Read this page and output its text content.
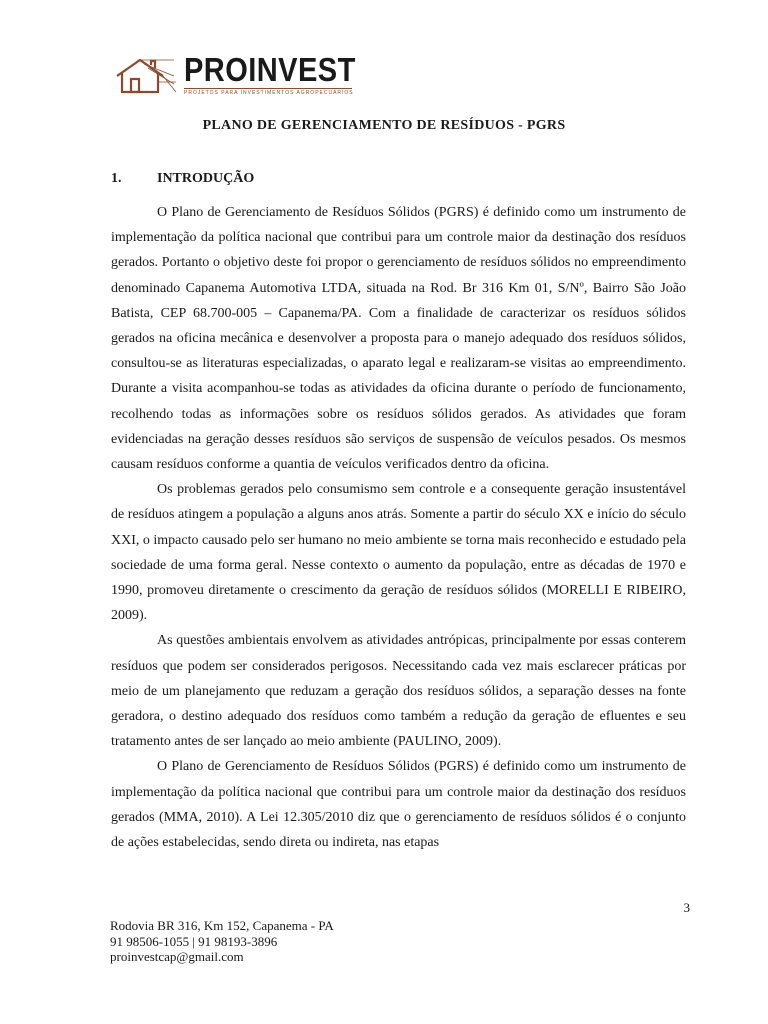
PROINVEST
PROJETOS PARA INVESTIMENTOS AGROPECUÁRIOS
PLANO DE GERENCIAMENTO DE RESÍDUOS - PGRS
1.	INTRODUÇÃO

O Plano de Gerenciamento de Resíduos Sólidos (PGRS) é definido como um instrumento de implementação da política nacional que contribui para um controle maior da destinação dos resíduos gerados. Portanto o objetivo deste foi propor o gerenciamento de resíduos sólidos no empreendimento denominado Capanema Automotiva LTDA, situada na Rod. Br 316 Km 01, S/Nº, Bairro São João Batista, CEP 68.700-005 – Capanema/PA. Com a finalidade de caracterizar os resíduos sólidos gerados na oficina mecânica e desenvolver a proposta para o manejo adequado dos resíduos sólidos, consultou-se as literaturas especializadas, o aparato legal e realizaram-se visitas ao empreendimento. Durante a visita acompanhou-se todas as atividades da oficina durante o período de funcionamento, recolhendo todas as informações sobre os resíduos sólidos gerados. As atividades que foram evidenciadas na geração desses resíduos são serviços de suspensão de veículos pesados. Os mesmos causam resíduos conforme a quantia de veículos verificados dentro da oficina.

Os problemas gerados pelo consumismo sem controle e a consequente geração insustentável de resíduos atingem a população a alguns anos atrás. Somente a partir do século XX e início do século XXI, o impacto causado pelo ser humano no meio ambiente se torna mais reconhecido e estudado pela sociedade de uma forma geral. Nesse contexto o aumento da população, entre as décadas de 1970 e 1990, promoveu diretamente o crescimento da geração de resíduos sólidos (MORELLI E RIBEIRO, 2009).

As questões ambientais envolvem as atividades antrópicas, principalmente por essas conterem resíduos que podem ser considerados perigosos. Necessitando cada vez mais esclarecer práticas por meio de um planejamento que reduzam a geração dos resíduos sólidos, a separação desses na fonte geradora, o destino adequado dos resíduos como também a redução da geração de efluentes e seu tratamento antes de ser lançado ao meio ambiente (PAULINO, 2009).

O Plano de Gerenciamento de Resíduos Sólidos (PGRS) é definido como um instrumento de implementação da política nacional que contribui para um controle maior da destinação dos resíduos gerados (MMA, 2010). A Lei 12.305/2010 diz que o gerenciamento de resíduos sólidos é o conjunto de ações estabelecidas, sendo direta ou indireta, nas etapas

3
Rodovia BR 316, Km 152, Capanema - PA
91 98506-1055 | 91 98193-3896
proinvestcap@gmail.com
